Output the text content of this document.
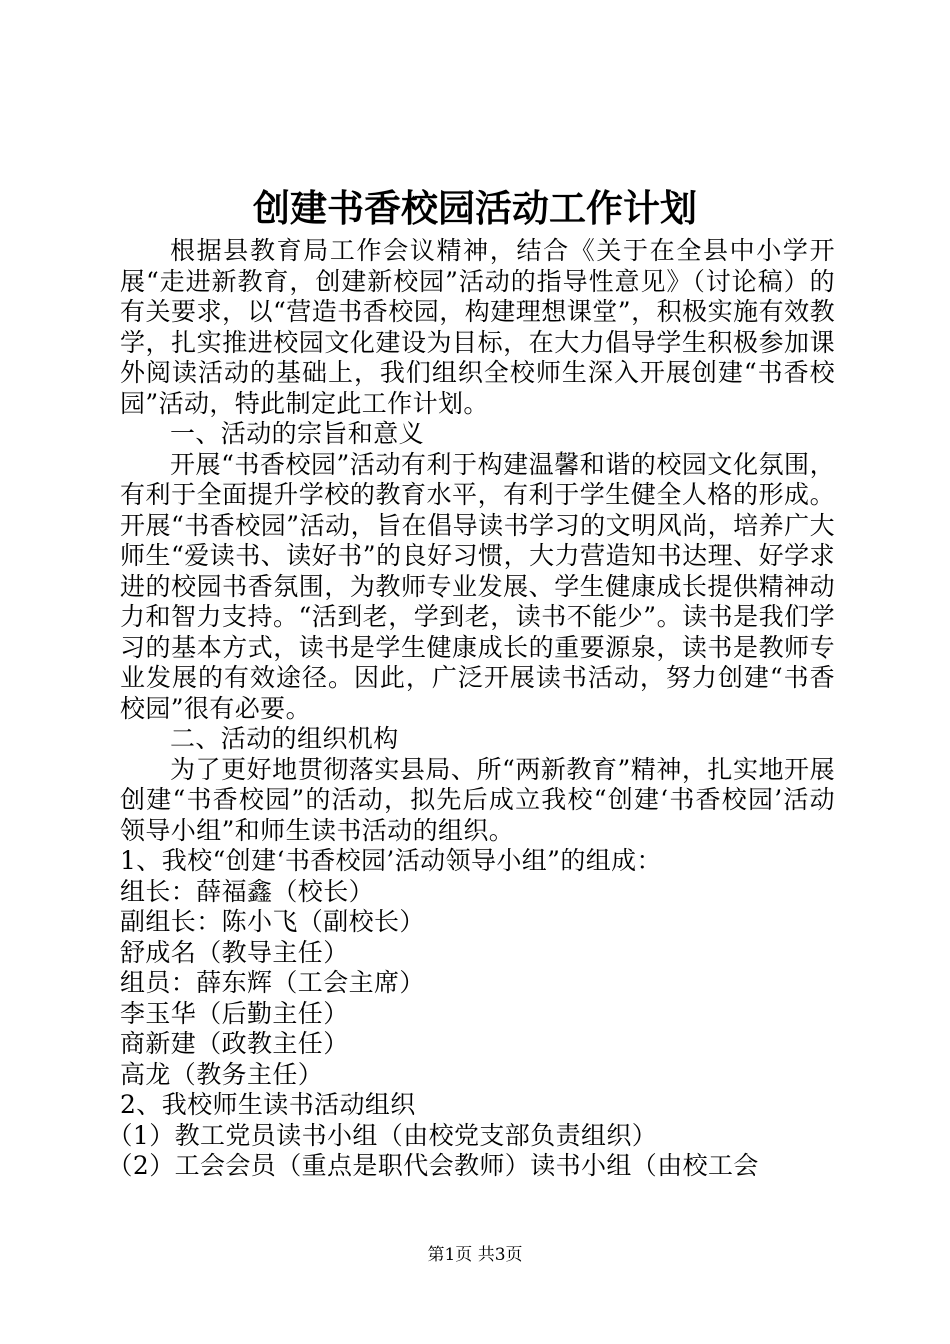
创建书香校园活动工作计划

根据县教育局工作会议精神，结合《关于在全县中小学开展“走进新教育，创建新校园”活动的指导性意见》（讨论稿）的有关要求，以“营造书香校园，构建理想课堂”，积极实施有效教学，扎实推进校园文化建设为目标，在大力倡导学生积极参加课外阅读活动的基础上，我们组织全校师生深入开展创建“书香校园”活动，特此制定此工作计划。

一、活动的宗旨和意义

开展“书香校园”活动有利于构建温馨和谐的校园文化氛围，有利于全面提升学校的教育水平，有利于学生健全人格的形成。开展“书香校园”活动，旨在倡导读书学习的文明风尚，培养广大师生“爱读书、读好书”的良好习惯，大力营造知书达理、好学求进的校园书香氛围，为教师专业发展、学生健康成长提供精神动力和智力支持。“活到老，学到老，读书不能少”。读书是我们学习的基本方式，读书是学生健康成长的重要源泉，读书是教师专业发展的有效途径。因此，广泛开展读书活动，努力创建“书香校园”很有必要。

二、活动的组织机构

为了更好地贯彻落实县局、所“两新教育”精神，扎实地开展创建“书香校园”的活动，拟先后成立我校“创建‘书香校园’活动领导小组”和师生读书活动的组织。

1、我校“创建‘书香校园’活动领导小组”的组成：

组长：薛福鑫（校长）

副组长：陈小飞（副校长）

舒成名（教导主任）

组员：薛东辉（工会主席）

李玉华（后勤主任）

商新建（政教主任）

高龙（教务主任）

2、我校师生读书活动组织

（1）教工党员读书小组（由校党支部负责组织）

（2）工会会员（重点是职代会教师）读书小组（由校工会

第1页 共3页
